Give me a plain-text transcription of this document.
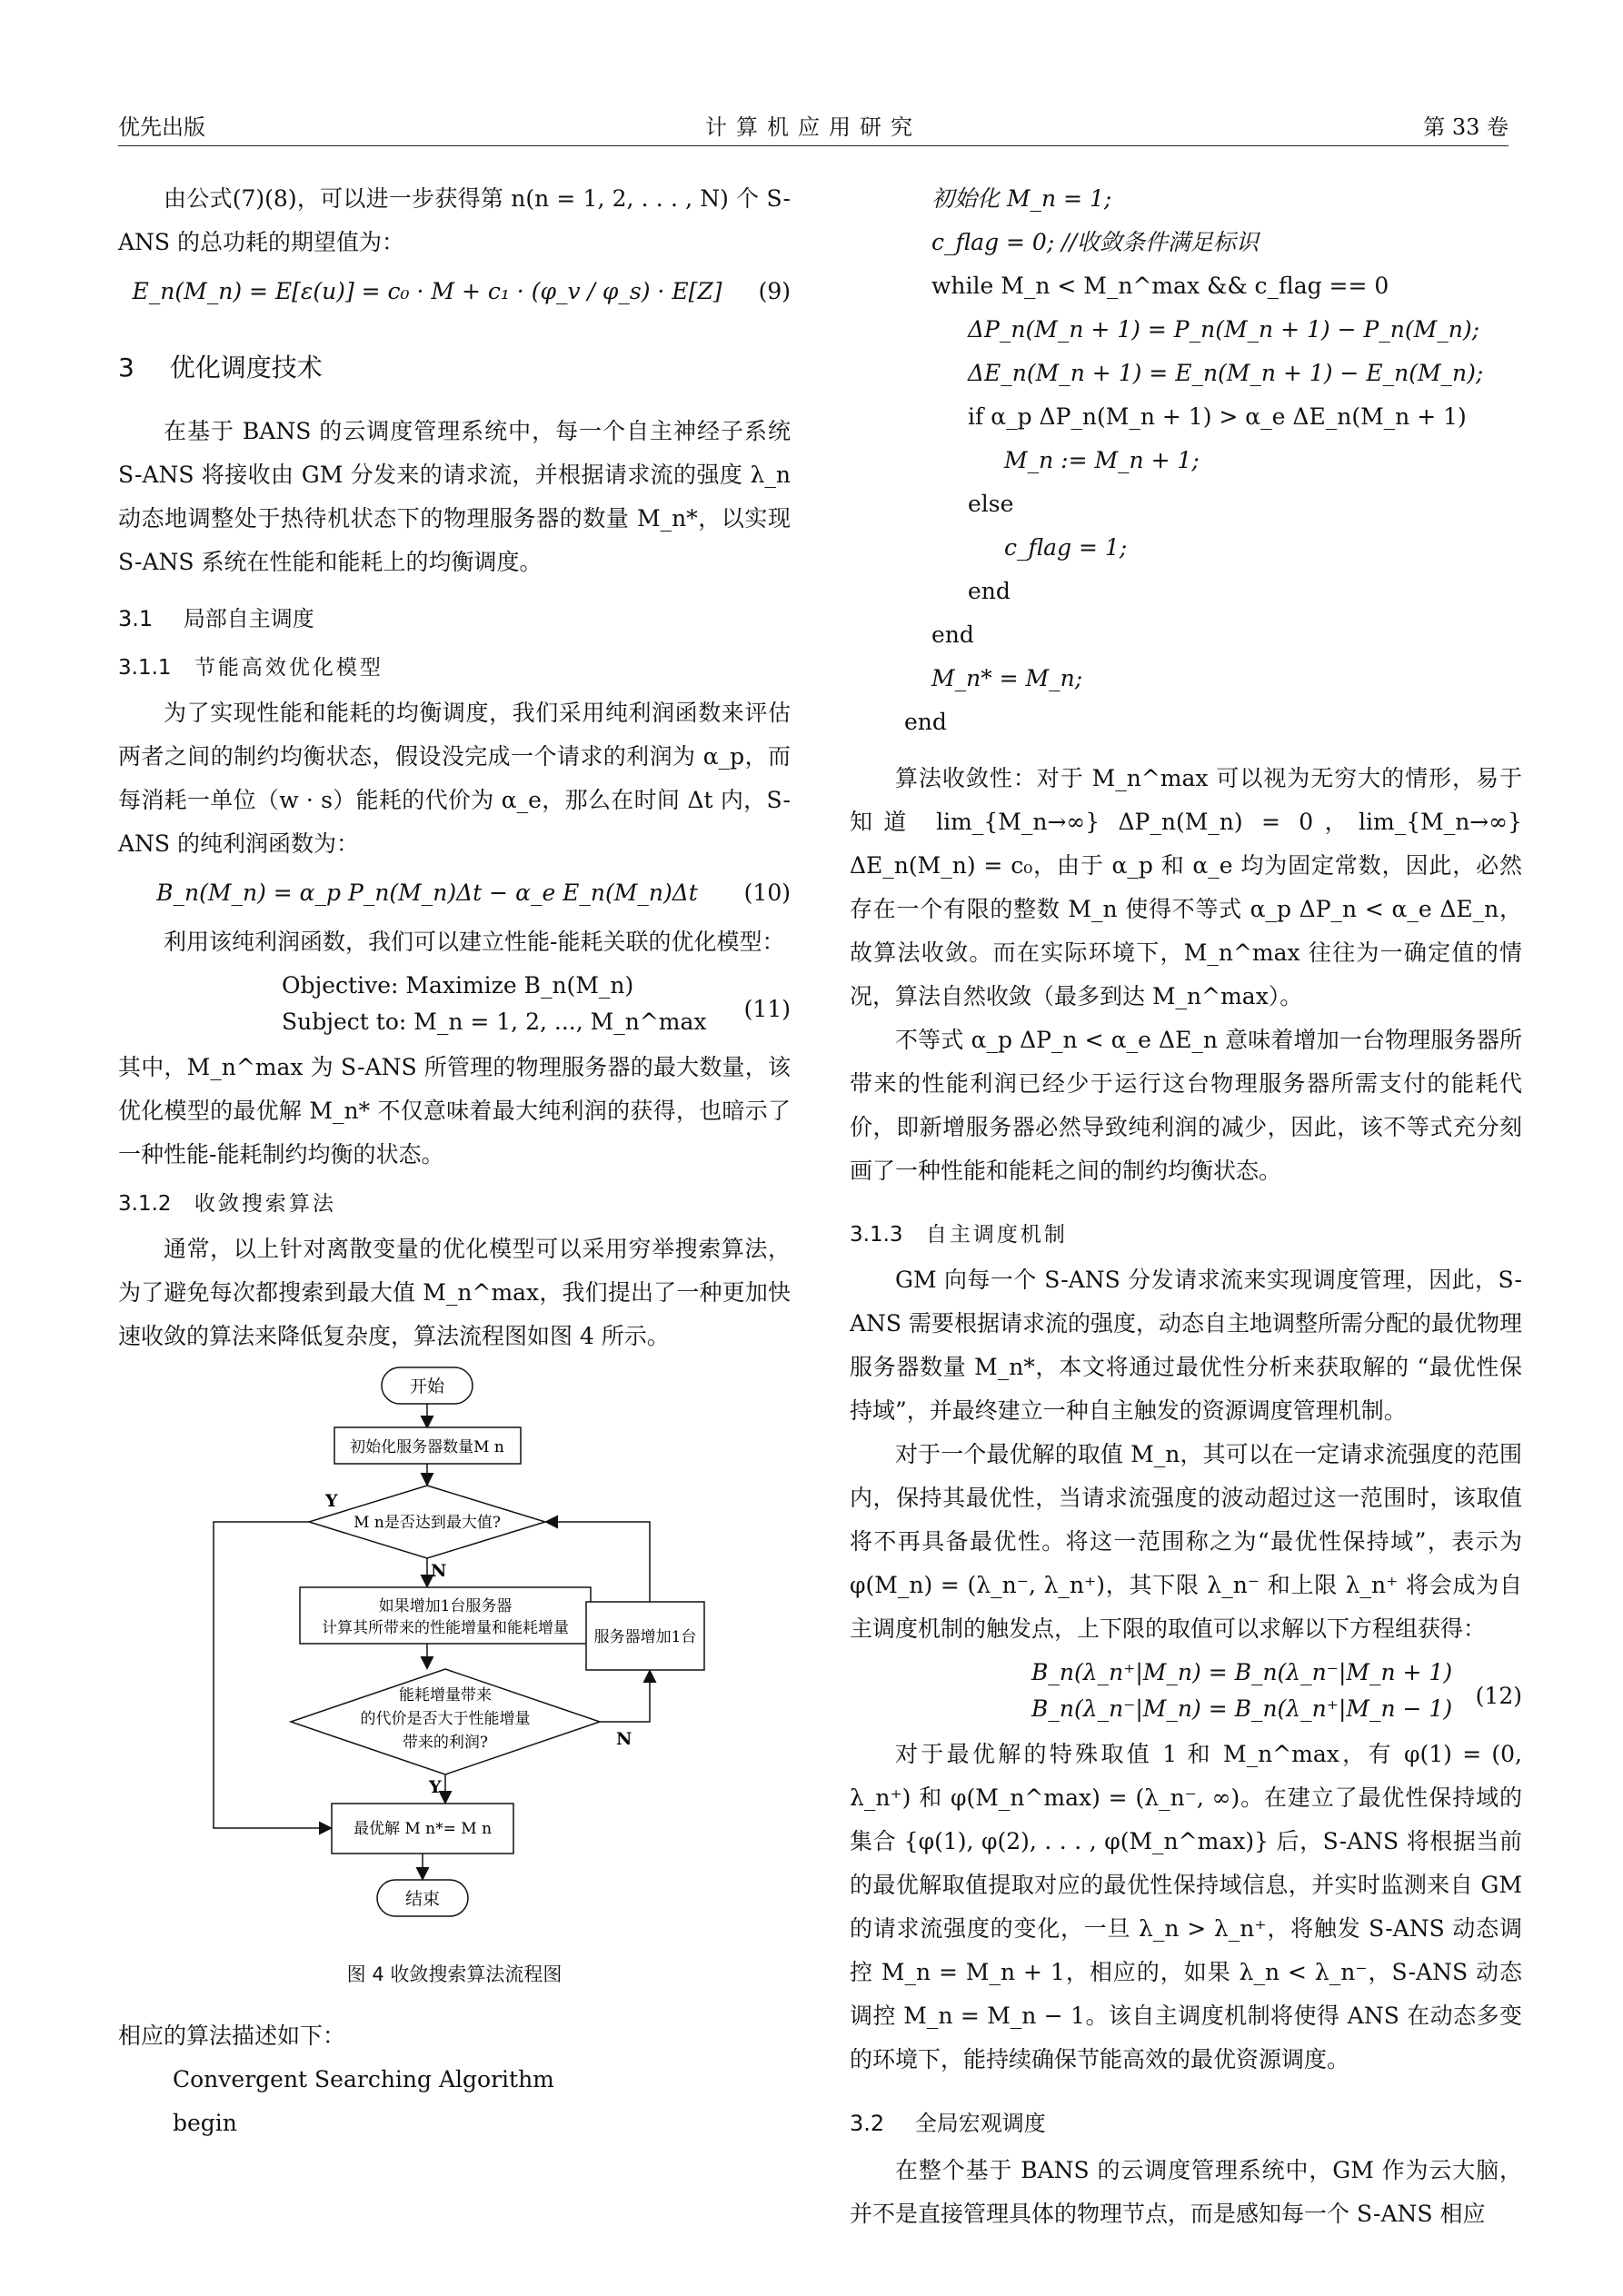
优先出版	计算机应用研究	第 33 卷

由公式(7)(8)，可以进一步获得第 n(n = 1, 2, . . . , N) 个 S-ANS 的总功耗的期望值为：

E_n(M_n) = E[ε(u)] = c₀ · M + c₁ · (φ_v / φ_s) · E[Z]	(9)
3 优化调度技术

在基于 BANS 的云调度管理系统中，每一个自主神经子系统 S-ANS 将接收由 GM 分发来的请求流，并根据请求流的强度 λ_n 动态地调整处于热待机状态下的物理服务器的数量 M_n*，以实现 S-ANS 系统在性能和能耗上的均衡调度。

3.1 局部自主调度
3.1.1 节能高效优化模型

为了实现性能和能耗的均衡调度，我们采用纯利润函数来评估两者之间的制约均衡状态，假设没完成一个请求的利润为 α_p，而每消耗一单位（w · s）能耗的代价为 α_e，那么在时间 Δt 内，S-ANS 的纯利润函数为：

B_n(M_n) = α_p P_n(M_n)Δt − α_e E_n(M_n)Δt	(10)

利用该纯利润函数，我们可以建立性能-能耗关联的优化模型：

Objective: Maximize B_n(M_n)
Subject to: M_n = 1, 2, ..., M_n^max (11)

其中，M_n^max 为 S-ANS 所管理的物理服务器的最大数量，该优化模型的最优解 M_n* 不仅意味着最大纯利润的获得，也暗示了一种性能-能耗制约均衡的状态。

3.1.2 收敛搜索算法

通常，以上针对离散变量的优化模型可以采用穷举搜索算法，为了避免每次都搜索到最大值 M_n^max，我们提出了一种更加快速收敛的算法来降低复杂度，算法流程图如图 4 所示。

开始
初始化服务器数量M n
M n是否达到最大值?
Y
N
如果增加1台服务器
计算其所带来的性能增量和能耗增量
能耗增量带来
的代价是否大于性能增量
带来的利润?	N
服务器增加1台
Y
最优解 M n*= M n
结束
图 4 收敛搜索算法流程图

相应的算法描述如下：

Convergent Searching Algorithm

begin

初始化 M_n = 1;
c_flag = 0; //收敛条件满足标识
while M_n < M_n^max && c_flag == 0
ΔP_n(M_n + 1) = P_n(M_n + 1) − P_n(M_n);
ΔE_n(M_n + 1) = E_n(M_n + 1) − E_n(M_n);
if α_p ΔP_n(M_n + 1) > α_e ΔE_n(M_n + 1)
M_n := M_n + 1;
else
c_flag = 1;
end
end
M_n* = M_n;
end

算法收敛性：对于 M_n^max 可以视为无穷大的情形，易于知道 lim_{M_n→∞} ΔP_n(M_n) = 0，lim_{M_n→∞} ΔE_n(M_n) = c₀，由于 α_p 和 α_e 均为固定常数，因此，必然存在一个有限的整数 M_n 使得不等式 α_p ΔP_n < α_e ΔE_n，故算法收敛。而在实际环境下，M_n^max 往往为一确定值的情况，算法自然收敛（最多到达 M_n^max）。

不等式 α_p ΔP_n < α_e ΔE_n 意味着增加一台物理服务器所带来的性能利润已经少于运行这台物理服务器所需支付的能耗代价，即新增服务器必然导致纯利润的减少，因此，该不等式充分刻画了一种性能和能耗之间的制约均衡状态。

3.1.3 自主调度机制

GM 向每一个 S-ANS 分发请求流来实现调度管理，因此，S-ANS 需要根据请求流的强度，动态自主地调整所需分配的最优物理服务器数量 M_n*，本文将通过最优性分析来获取解的 “最优性保持域”，并最终建立一种自主触发的资源调度管理机制。

对于一个最优解的取值 M_n，其可以在一定请求流强度的范围内，保持其最优性，当请求流强度的波动超过这一范围时，该取值将不再具备最优性。将这一范围称之为“最优性保持域”，表示为 φ(M_n) = (λ_n⁻, λ_n⁺)，其下限 λ_n⁻ 和上限 λ_n⁺ 将会成为自主调度机制的触发点，上下限的取值可以求解以下方程组获得：

B_n(λ_n⁺|M_n) = B_n(λ_n⁻|M_n + 1)
B_n(λ_n⁻|M_n) = B_n(λ_n⁺|M_n − 1) (12)

对于最优解的特殊取值 1 和 M_n^max，有 φ(1) = (0, λ_n⁺) 和 φ(M_n^max) = (λ_n⁻, ∞)。在建立了最优性保持域的集合 {φ(1), φ(2), . . . , φ(M_n^max)} 后，S-ANS 将根据当前的最优解取值提取对应的最优性保持域信息，并实时监测来自 GM 的请求流强度的变化，一旦 λ_n > λ_n⁺，将触发 S-ANS 动态调控 M_n = M_n + 1，相应的，如果 λ_n < λ_n⁻，S-ANS 动态调控 M_n = M_n − 1。该自主调度机制将使得 ANS 在动态多变的环境下，能持续确保节能高效的最优资源调度。

3.2 全局宏观调度

在整个基于 BANS 的云调度管理系统中，GM 作为云大脑，并不是直接管理具体的物理节点，而是感知每一个 S-ANS 相应
